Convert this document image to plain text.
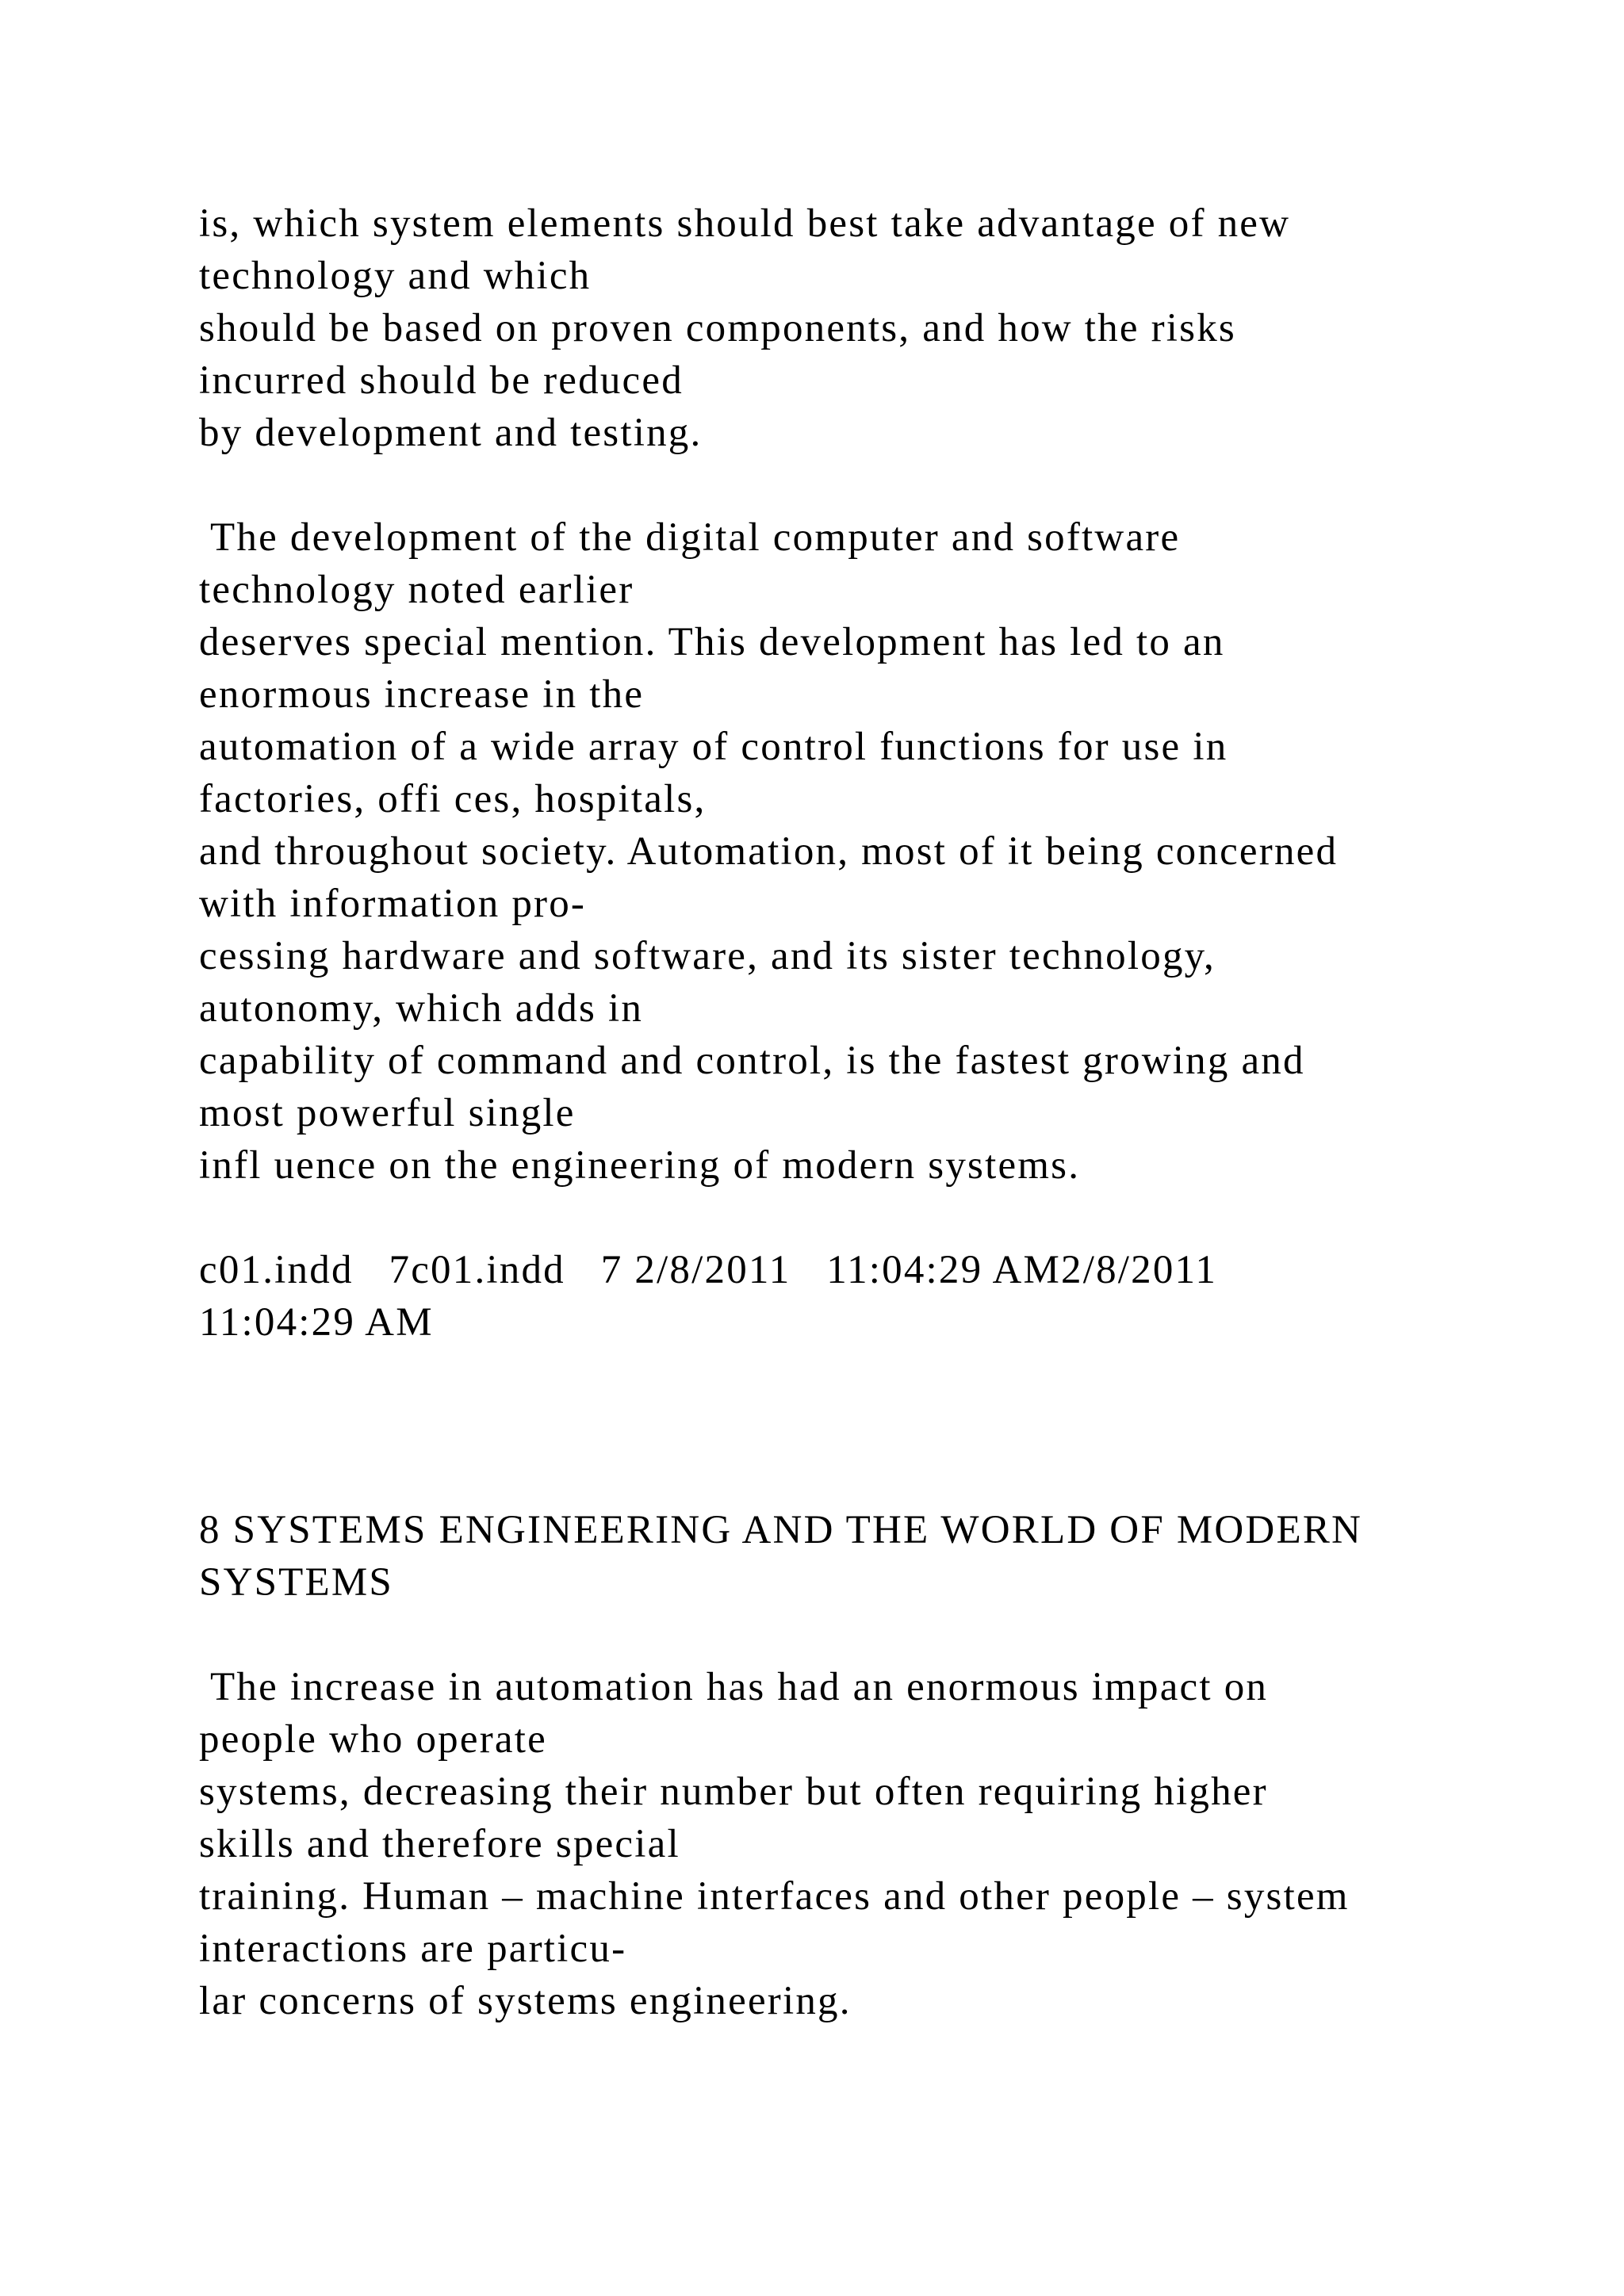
is, which system elements should best take advantage of new

technology and which

should be based on proven components, and how the risks

incurred should be reduced

by development and testing.

The development of the digital computer and software

technology noted earlier

deserves special mention. This development has led to an

enormous increase in the

automation of a wide array of control functions for use in

factories, offi ces, hospitals,

and throughout society. Automation, most of it being concerned

with information pro-

cessing hardware and software, and its sister technology,

autonomy, which adds in

capability of command and control, is the fastest growing and

most powerful single

infl uence on the engineering of modern systems.

c01.indd   7c01.indd   7 2/8/2011   11:04:29 AM2/8/2011

11:04:29 AM

8 SYSTEMS ENGINEERING AND THE WORLD OF MODERN

SYSTEMS

The increase in automation has had an enormous impact on

people who operate

systems, decreasing their number but often requiring higher

skills and therefore special

training. Human – machine interfaces and other people – system

interactions are particu-

lar concerns of systems engineering.
